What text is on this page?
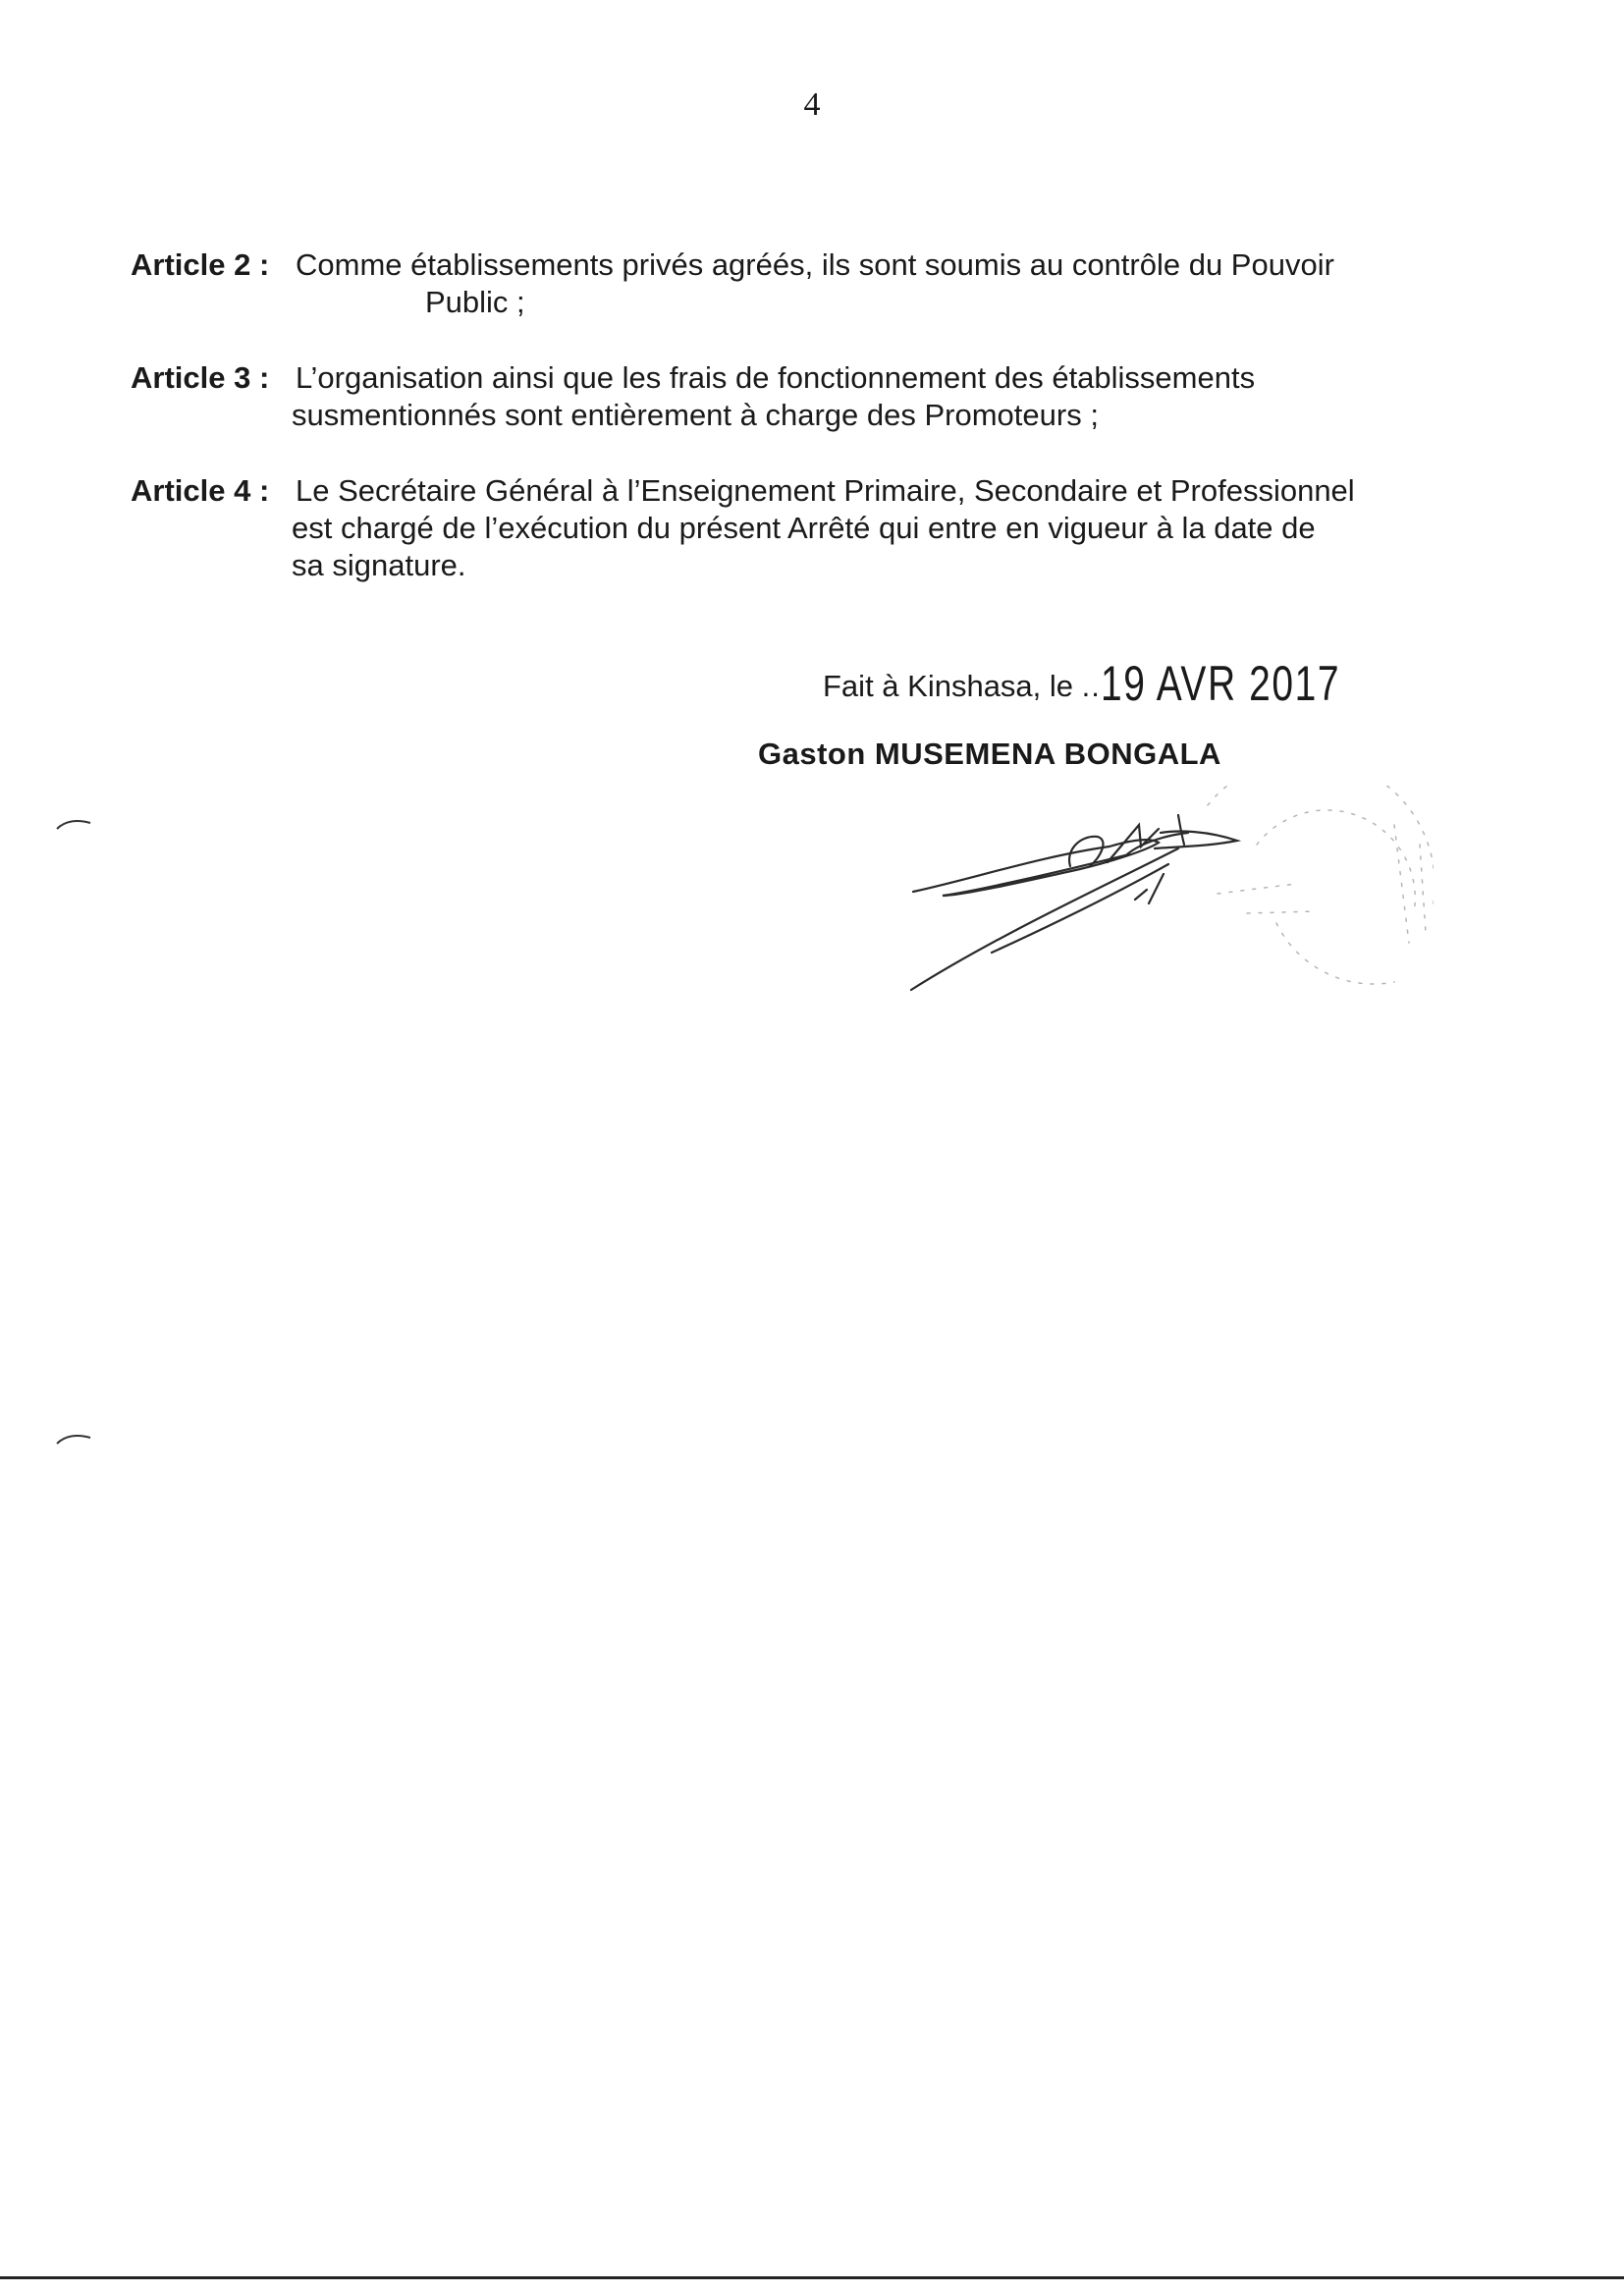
4
Article 2 : Comme établissements privés agréés, ils sont soumis au contrôle du Pouvoir
Public ;
Article 3 : L’organisation ainsi que les frais de fonctionnement des établissements
susmentionnés sont entièrement à charge des Promoteurs ;
Article 4 : Le Secrétaire Général à l’Enseignement Primaire, Secondaire et Professionnel
est chargé de l’exécution du présent Arrêté qui entre en vigueur à la date de
sa signature.
Fait à Kinshasa, le ..19 AVR 2017
Gaston MUSEMENA BONGALA
